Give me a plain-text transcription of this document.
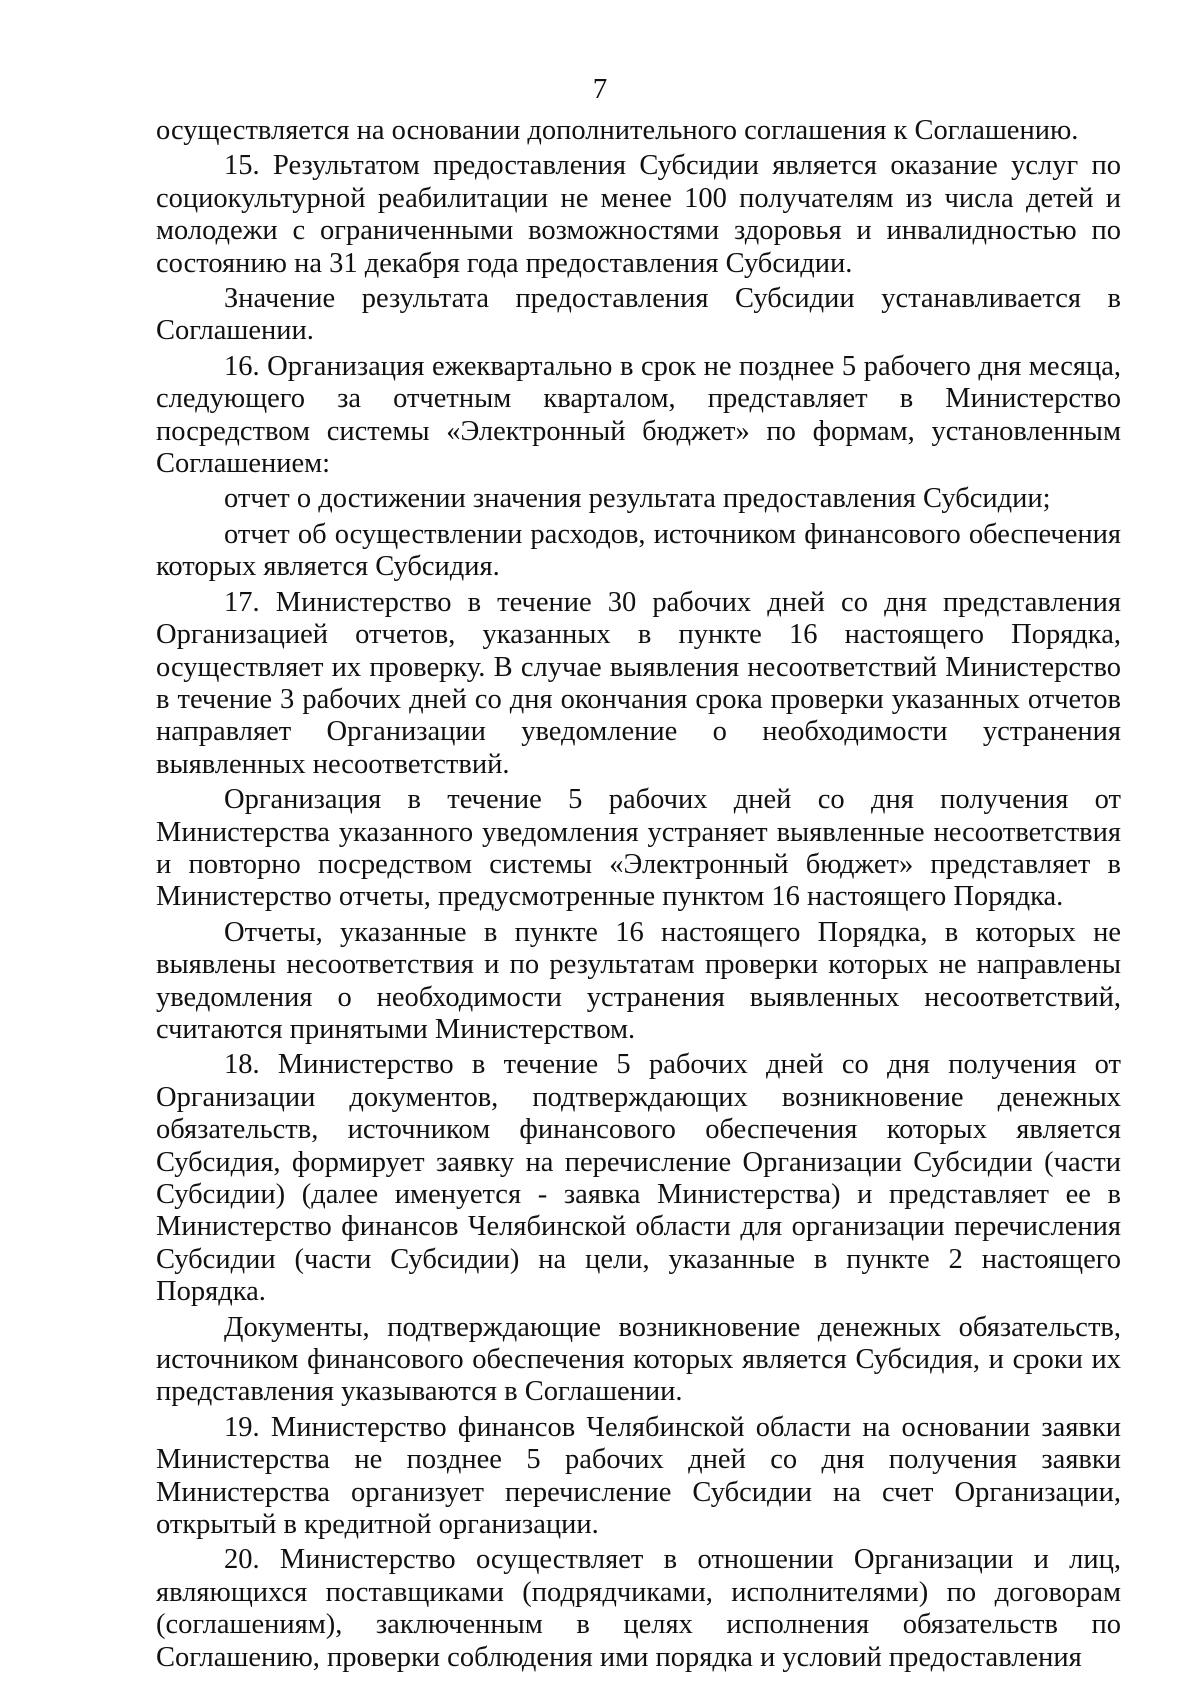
7

осуществляется на основании дополнительного соглашения к Соглашению.

15. Результатом предоставления Субсидии является оказание услуг по социокультурной реабилитации не менее 100 получателям из числа детей и молодежи с ограниченными возможностями здоровья и инвалидностью по состоянию на 31 декабря года предоставления Субсидии.

Значение результата предоставления Субсидии устанавливается в Соглашении.

16. Организация ежеквартально в срок не позднее 5 рабочего дня месяца, следующего за отчетным кварталом, представляет в Министерство посредством системы «Электронный бюджет» по формам, установленным Соглашением:

отчет о достижении значения результата предоставления Субсидии;

отчет об осуществлении расходов, источником финансового обеспечения которых является Субсидия.

17. Министерство в течение 30 рабочих дней со дня представления Организацией отчетов, указанных в пункте 16 настоящего Порядка, осуществляет их проверку. В случае выявления несоответствий Министерство в течение 3 рабочих дней со дня окончания срока проверки указанных отчетов направляет Организации уведомление о необходимости устранения выявленных несоответствий.

Организация в течение 5 рабочих дней со дня получения от Министерства указанного уведомления устраняет выявленные несоответствия и повторно посредством системы «Электронный бюджет» представляет в Министерство отчеты, предусмотренные пунктом 16 настоящего Порядка.

Отчеты, указанные в пункте 16 настоящего Порядка, в которых не выявлены несоответствия и по результатам проверки которых не направлены уведомления о необходимости устранения выявленных несоответствий, считаются принятыми Министерством.

18. Министерство в течение 5 рабочих дней со дня получения от Организации документов, подтверждающих возникновение денежных обязательств, источником финансового обеспечения которых является Субсидия, формирует заявку на перечисление Организации Субсидии (части Субсидии) (далее именуется - заявка Министерства) и представляет ее в Министерство финансов Челябинской области для организации перечисления Субсидии (части Субсидии) на цели, указанные в пункте 2 настоящего Порядка.

Документы, подтверждающие возникновение денежных обязательств, источником финансового обеспечения которых является Субсидия, и сроки их представления указываются в Соглашении.

19. Министерство финансов Челябинской области на основании заявки Министерства не позднее 5 рабочих дней со дня получения заявки Министерства организует перечисление Субсидии на счет Организации, открытый в кредитной организации.

20. Министерство осуществляет в отношении Организации и лиц, являющихся поставщиками (подрядчиками, исполнителями) по договорам (соглашениям), заключенным в целях исполнения обязательств по Соглашению, проверки соблюдения ими порядка и условий предоставления
